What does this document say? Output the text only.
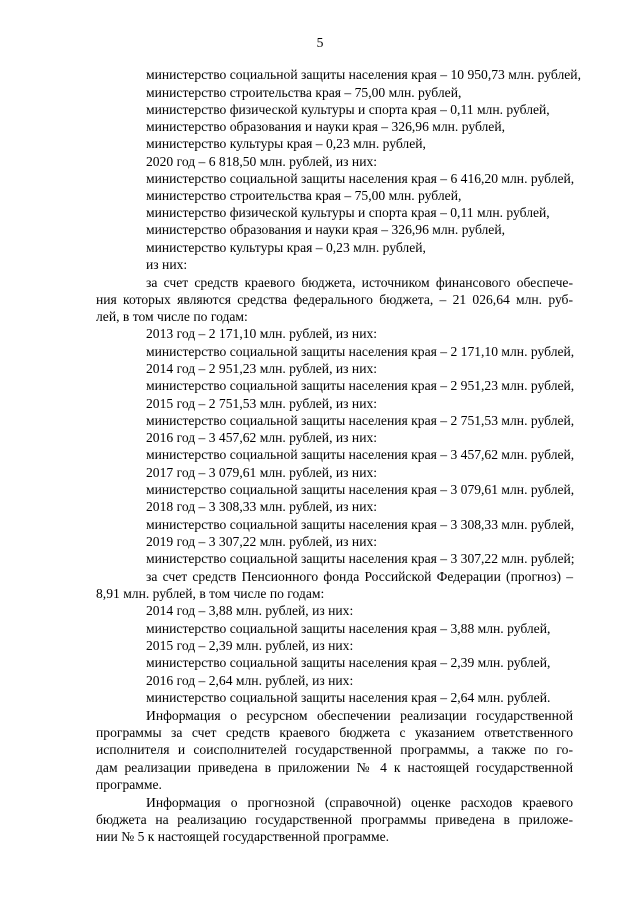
5
министерство социальной защиты населения края – 10 950,73 млн. рублей,
министерство строительства края – 75,00 млн. рублей,
министерство физической культуры и спорта края – 0,11 млн. рублей,
министерство образования и науки края – 326,96 млн. рублей,
министерство культуры края – 0,23 млн. рублей,
2020 год – 6 818,50 млн. рублей, из них:
министерство социальной защиты населения края – 6 416,20 млн. рублей,
министерство строительства края – 75,00 млн. рублей,
министерство физической культуры и спорта края – 0,11 млн. рублей,
министерство образования и науки края – 326,96 млн. рублей,
министерство культуры края – 0,23 млн. рублей,
из них:
за счет средств краевого бюджета, источником финансового обеспече-
ния которых являются средства федерального бюджета, – 21 026,64 млн. руб-
лей, в том числе по годам:
2013 год – 2 171,10 млн. рублей, из них:
министерство социальной защиты населения края – 2 171,10 млн. рублей,
2014 год – 2 951,23 млн. рублей, из них:
министерство социальной защиты населения края – 2 951,23 млн. рублей,
2015 год – 2 751,53 млн. рублей, из них:
министерство социальной защиты населения края – 2 751,53 млн. рублей,
2016 год – 3 457,62 млн. рублей, из них:
министерство социальной защиты населения края – 3 457,62 млн. рублей,
2017 год – 3 079,61 млн. рублей, из них:
министерство социальной защиты населения края – 3 079,61 млн. рублей,
2018 год – 3 308,33 млн. рублей, из них:
министерство социальной защиты населения края – 3 308,33 млн. рублей,
2019 год – 3 307,22 млн. рублей, из них:
министерство социальной защиты населения края – 3 307,22 млн. рублей;
за счет средств Пенсионного фонда Российской Федерации (прогноз) –
8,91 млн. рублей, в том числе по годам:
2014 год – 3,88 млн. рублей, из них:
министерство социальной защиты населения края – 3,88 млн. рублей,
2015 год – 2,39 млн. рублей, из них:
министерство социальной защиты населения края – 2,39 млн. рублей,
2016 год – 2,64 млн. рублей, из них:
министерство социальной защиты населения края – 2,64 млн. рублей.
Информация о ресурсном обеспечении реализации государственной
программы за счет средств краевого бюджета с указанием ответственного
исполнителя и соисполнителей государственной программы, а также по го-
дам реализации приведена в приложении № 4 к настоящей государственной
программе.
Информация о прогнозной (справочной) оценке расходов краевого
бюджета на реализацию государственной программы приведена в приложе-
нии № 5 к настоящей государственной программе.
